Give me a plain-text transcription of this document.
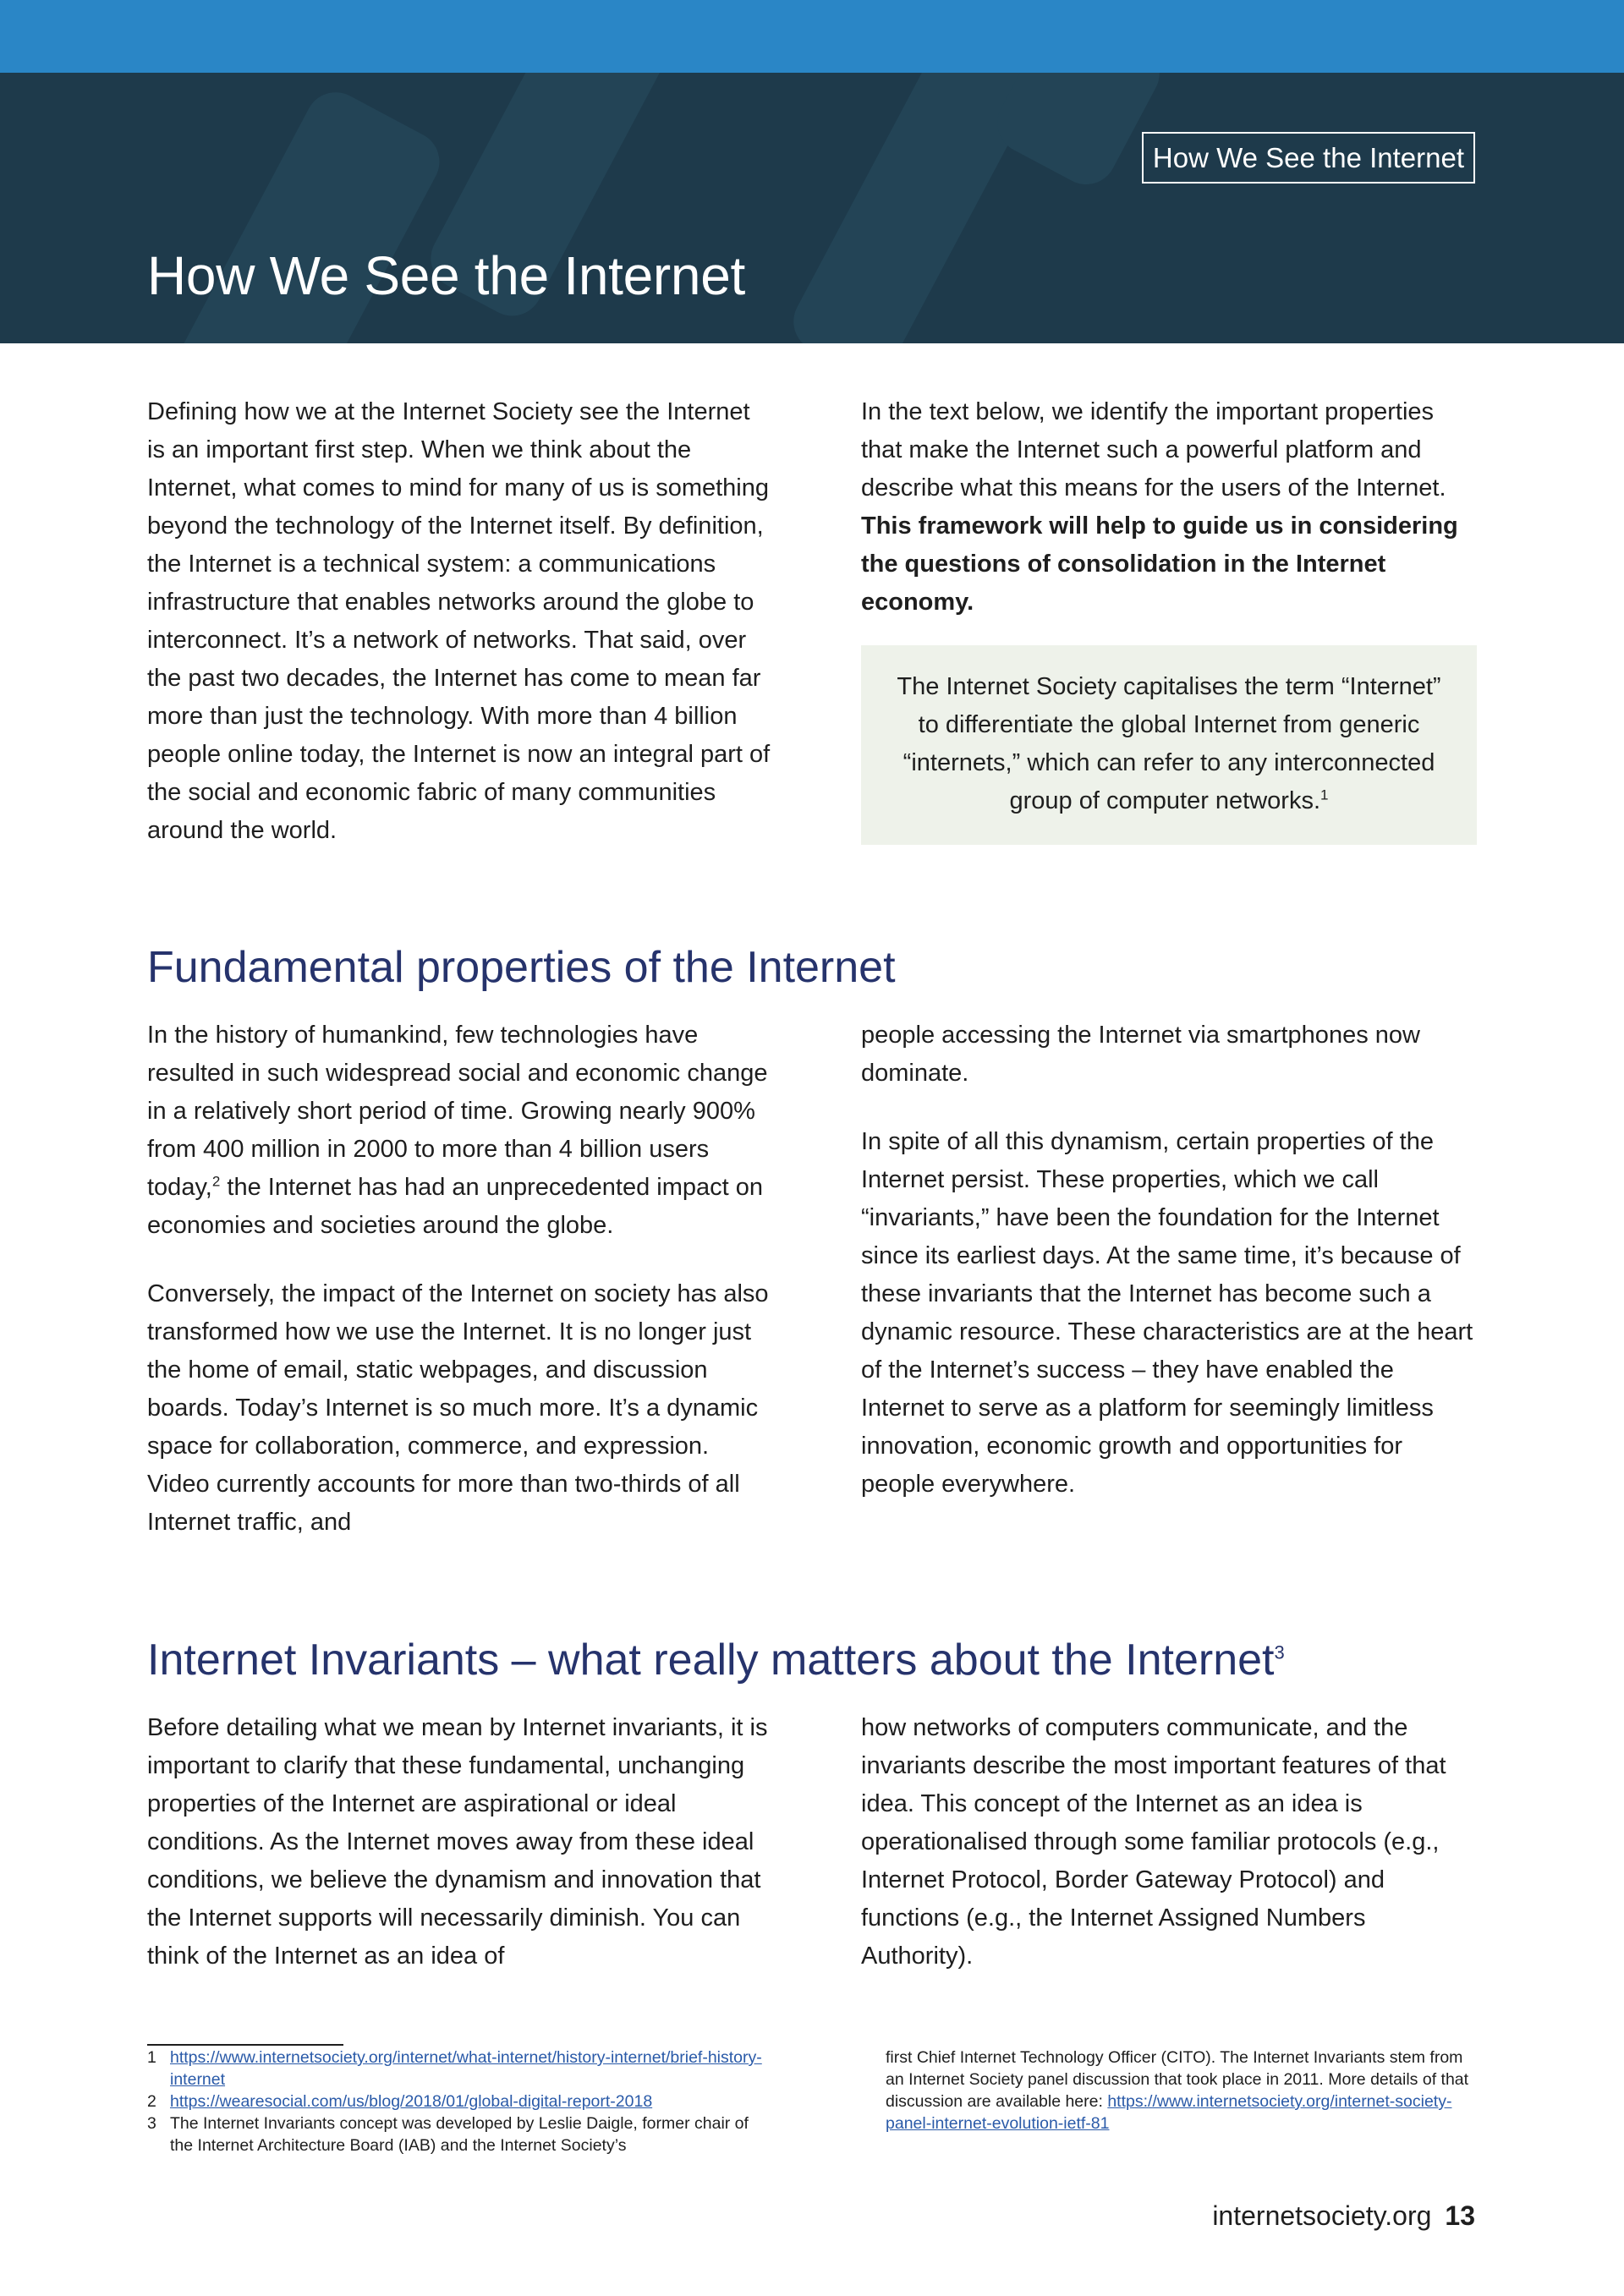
How We See the Internet
How We See the Internet

Defining how we at the Internet Society see the Internet is an important first step. When we think about the Internet, what comes to mind for many of us is something beyond the technology of the Internet itself. By definition, the Internet is a technical system: a communications infrastructure that enables networks around the globe to interconnect. It’s a network of networks. That said, over the past two decades, the Internet has come to mean far more than just the technology. With more than 4 billion people online today, the Internet is now an integral part of the social and economic fabric of many communities around the world.

In the text below, we identify the important properties that make the Internet such a powerful platform and describe what this means for the users of the Internet. This framework will help to guide us in considering the questions of consolidation in the Internet economy.

The Internet Society capitalises the term “Internet” to differentiate the global Internet from generic “internets,” which can refer to any interconnected group of computer networks.$^1$
Fundamental properties of the Internet

In the history of humankind, few technologies have resulted in such widespread social and economic change in a relatively short period of time. Growing nearly 900% from 400 million in 2000 to more than 4 billion users today,$^2$ the Internet has had an unprecedented impact on economies and societies around the globe.

Conversely, the impact of the Internet on society has also transformed how we use the Internet. It is no longer just the home of email, static webpages, and discussion boards. Today’s Internet is so much more. It’s a dynamic space for collaboration, commerce, and expression. Video currently accounts for more than two-thirds of all Internet traffic, and

people accessing the Internet via smartphones now dominate.

In spite of all this dynamism, certain properties of the Internet persist. These properties, which we call “invariants,” have been the foundation for the Internet since its earliest days. At the same time, it’s because of these invariants that the Internet has become such a dynamic resource. These characteristics are at the heart of the Internet’s success – they have enabled the Internet to serve as a platform for seemingly limitless innovation, economic growth and opportunities for people everywhere.

Internet Invariants – what really matters about the Internet$^3$

Before detailing what we mean by Internet invariants, it is important to clarify that these fundamental, unchanging properties of the Internet are aspirational or ideal conditions. As the Internet moves away from these ideal conditions, we believe the dynamism and innovation that the Internet supports will necessarily diminish. You can think of the Internet as an idea of

how networks of computers communicate, and the invariants describe the most important features of that idea. This concept of the Internet as an idea is operationalised through some familiar protocols (e.g., Internet Protocol, Border Gateway Protocol) and functions (e.g., the Internet Assigned Numbers Authority).

1 https://www.internetsociety.org/internet/what-internet/history-internet/brief-history-internet
2 https://wearesocial.com/us/blog/2018/01/global-digital-report-2018
3 The Internet Invariants concept was developed by Leslie Daigle, former chair of the Internet Architecture Board (IAB) and the Internet Society’s
first Chief Internet Technology Officer (CITO). The Internet Invariants stem from an Internet Society panel discussion that took place in 2011. More details of that discussion are available here: https://www.internetsociety.org/internet-society-panel-internet-evolution-ietf-81
internetsociety.org 13
